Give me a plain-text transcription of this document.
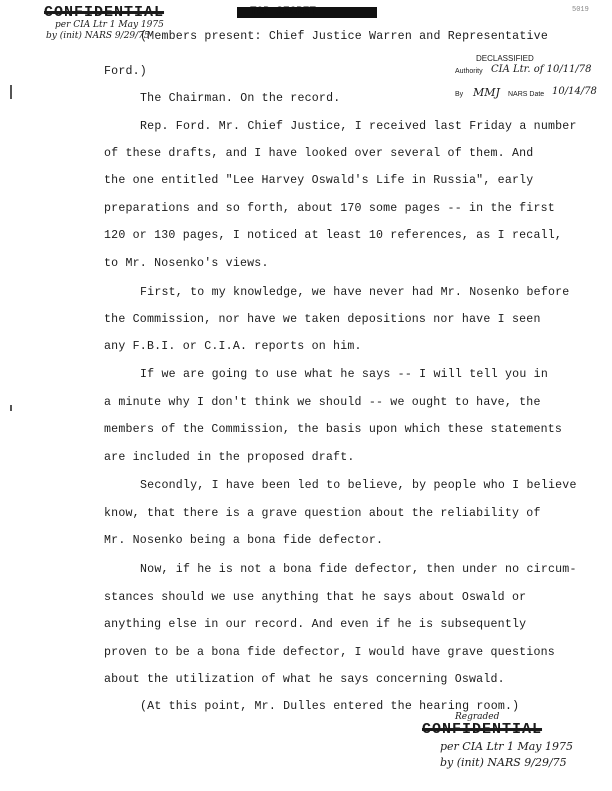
5019
CONFIDENTIAL
per CIA Ltr 1 May 1975
by (init) NARS 9/29/75
TOP SECRET
DECLASSIFIED
Authority CIA Ltr. of 10/11/78
By MMJ NARS Date 10/14/78
(Members present: Chief Justice Warren and Representative
Ford.)
The Chairman. On the record.
Rep. Ford. Mr. Chief Justice, I received last Friday a number
of these drafts, and I have looked over several of them. And
the one entitled "Lee Harvey Oswald's Life in Russia", early
preparations and so forth, about 170 some pages -- in the first
120 or 130 pages, I noticed at least 10 references, as I recall,
to Mr. Nosenko's views.
First, to my knowledge, we have never had Mr. Nosenko before
the Commission, nor have we taken depositions nor have I seen
any F.B.I. or C.I.A. reports on him.
If we are going to use what he says -- I will tell you in
a minute why I don't think we should -- we ought to have, the
members of the Commission, the basis upon which these statements
are included in the proposed draft.
Secondly, I have been led to believe, by people who I believe
know, that there is a grave question about the reliability of
Mr. Nosenko being a bona fide defector.
Now, if he is not a bona fide defector, then under no circum-
stances should we use anything that he says about Oswald or
anything else in our record. And even if he is subsequently
proven to be a bona fide defector, I would have grave questions
about the utilization of what he says concerning Oswald.
(At this point, Mr. Dulles entered the hearing room.)
Regraded
CONFIDENTIAL
per CIA Ltr 1 May 1975
by (init) NARS 9/29/75
